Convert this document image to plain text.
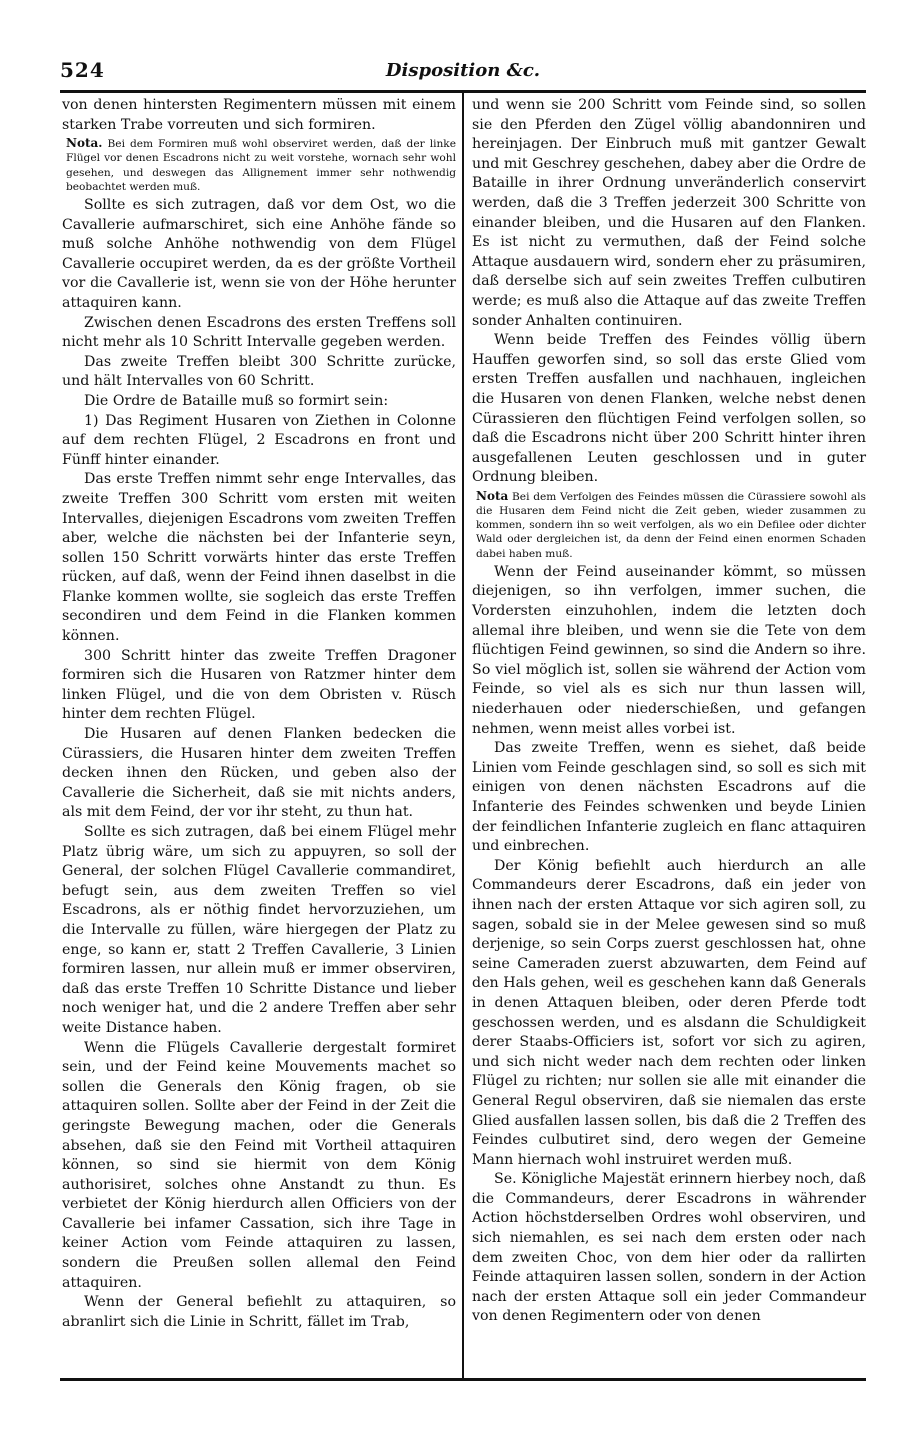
524	Disposition &c.

von denen hintersten Regimentern müssen mit einem starken Trabe vorreuten und sich formiren.

Nota. Bei dem Formiren muß wohl observiret werden, daß der linke Flügel vor denen Escadrons nicht zu weit vorstehe, wornach sehr wohl gesehen, und deswegen das Allignement immer sehr nothwendig beobachtet werden muß.

Sollte es sich zutragen, daß vor dem Ost, wo die Cavallerie aufmarschiret, sich eine Anhöhe fände so muß solche Anhöhe nothwendig von dem Flügel Cavallerie occupiret werden, da es der größte Vortheil vor die Cavallerie ist, wenn sie von der Höhe herunter attaquiren kann.

Zwischen denen Escadrons des ersten Treffens soll nicht mehr als 10 Schritt Intervalle gegeben werden.

Das zweite Treffen bleibt 300 Schritte zurücke, und hält Intervalles von 60 Schritt.

Die Ordre de Bataille muß so formirt sein:

1) Das Regiment Husaren von Ziethen in Colonne auf dem rechten Flügel, 2 Escadrons en front und Fünff hinter einander.

Das erste Treffen nimmt sehr enge Intervalles, das zweite Treffen 300 Schritt vom ersten mit weiten Intervalles, diejenigen Escadrons vom zweiten Treffen aber, welche die nächsten bei der Infanterie seyn, sollen 150 Schritt vorwärts hinter das erste Treffen rücken, auf daß, wenn der Feind ihnen daselbst in die Flanke kommen wollte, sie sogleich das erste Treffen secondiren und dem Feind in die Flanken kommen können.

300 Schritt hinter das zweite Treffen Dragoner formiren sich die Husaren von Ratzmer hinter dem linken Flügel, und die von dem Obristen v. Rüsch hinter dem rechten Flügel.

Die Husaren auf denen Flanken bedecken die Cürassiers, die Husaren hinter dem zweiten Treffen decken ihnen den Rücken, und geben also der Cavallerie die Sicherheit, daß sie mit nichts anders, als mit dem Feind, der vor ihr steht, zu thun hat.

Sollte es sich zutragen, daß bei einem Flügel mehr Platz übrig wäre, um sich zu appuyren, so soll der General, der solchen Flügel Cavallerie commandiret, befugt sein, aus dem zweiten Treffen so viel Escadrons, als er nöthig findet hervorzuziehen, um die Intervalle zu füllen, wäre hiergegen der Platz zu enge, so kann er, statt 2 Treffen Cavallerie, 3 Linien formiren lassen, nur allein muß er immer observiren, daß das erste Treffen 10 Schritte Distance und lieber noch weniger hat, und die 2 andere Treffen aber sehr weite Distance haben.

Wenn die Flügels Cavallerie dergestalt formiret sein, und der Feind keine Mouvements machet so sollen die Generals den König fragen, ob sie attaquiren sollen. Sollte aber der Feind in der Zeit die geringste Bewegung machen, oder die Generals absehen, daß sie den Feind mit Vortheil attaquiren können, so sind sie hiermit von dem König authorisiret, solches ohne Anstandt zu thun. Es verbietet der König hierdurch allen Officiers von der Cavallerie bei infamer Cassation, sich ihre Tage in keiner Action vom Feinde attaquiren zu lassen, sondern die Preußen sollen allemal den Feind attaquiren.

Wenn der General befiehlt zu attaquiren, so abranlirt sich die Linie in Schritt, fället im Trab,

und wenn sie 200 Schritt vom Feinde sind, so sollen sie den Pferden den Zügel völlig abandonniren und hereinjagen. Der Einbruch muß mit gantzer Gewalt und mit Geschrey geschehen, dabey aber die Ordre de Bataille in ihrer Ordnung unveränderlich conservirt werden, daß die 3 Treffen jederzeit 300 Schritte von einander bleiben, und die Husaren auf den Flanken. Es ist nicht zu vermuthen, daß der Feind solche Attaque ausdauern wird, sondern eher zu präsumiren, daß derselbe sich auf sein zweites Treffen culbutiren werde; es muß also die Attaque auf das zweite Treffen sonder Anhalten continuiren.

Wenn beide Treffen des Feindes völlig übern Hauffen geworfen sind, so soll das erste Glied vom ersten Treffen ausfallen und nachhauen, ingleichen die Husaren von denen Flanken, welche nebst denen Cürassieren den flüchtigen Feind verfolgen sollen, so daß die Escadrons nicht über 200 Schritt hinter ihren ausgefallenen Leuten geschlossen und in guter Ordnung bleiben.

Nota Bei dem Verfolgen des Feindes müssen die Cürassiere sowohl als die Husaren dem Feind nicht die Zeit geben, wieder zusammen zu kommen, sondern ihn so weit verfolgen, als wo ein Defilee oder dichter Wald oder dergleichen ist, da denn der Feind einen enormen Schaden dabei haben muß.

Wenn der Feind auseinander kömmt, so müssen diejenigen, so ihn verfolgen, immer suchen, die Vordersten einzuhohlen, indem die letzten doch allemal ihre bleiben, und wenn sie die Tete von dem flüchtigen Feind gewinnen, so sind die Andern so ihre. So viel möglich ist, sollen sie während der Action vom Feinde, so viel als es sich nur thun lassen will, niederhauen oder niederschießen, und gefangen nehmen, wenn meist alles vorbei ist.

Das zweite Treffen, wenn es siehet, daß beide Linien vom Feinde geschlagen sind, so soll es sich mit einigen von denen nächsten Escadrons auf die Infanterie des Feindes schwenken und beyde Linien der feindlichen Infanterie zugleich en flanc attaquiren und einbrechen.

Der König befiehlt auch hierdurch an alle Commandeurs derer Escadrons, daß ein jeder von ihnen nach der ersten Attaque vor sich agiren soll, zu sagen, sobald sie in der Melee gewesen sind so muß derjenige, so sein Corps zuerst geschlossen hat, ohne seine Cameraden zuerst abzuwarten, dem Feind auf den Hals gehen, weil es geschehen kann daß Generals in denen Attaquen bleiben, oder deren Pferde todt geschossen werden, und es alsdann die Schuldigkeit derer Staabs-Officiers ist, sofort vor sich zu agiren, und sich nicht weder nach dem rechten oder linken Flügel zu richten; nur sollen sie alle mit einander die General Regul observiren, daß sie niemalen das erste Glied ausfallen lassen sollen, bis daß die 2 Treffen des Feindes culbutiret sind, dero wegen der Gemeine Mann hiernach wohl instruiret werden muß.

Se. Königliche Majestät erinnern hierbey noch, daß die Commandeurs, derer Escadrons in währender Action höchstderselben Ordres wohl observiren, und sich niemahlen, es sei nach dem ersten oder nach dem zweiten Choc, von dem hier oder da rallirten Feinde attaquiren lassen sollen, sondern in der Action nach der ersten Attaque soll ein jeder Commandeur von denen Regimentern oder von denen
